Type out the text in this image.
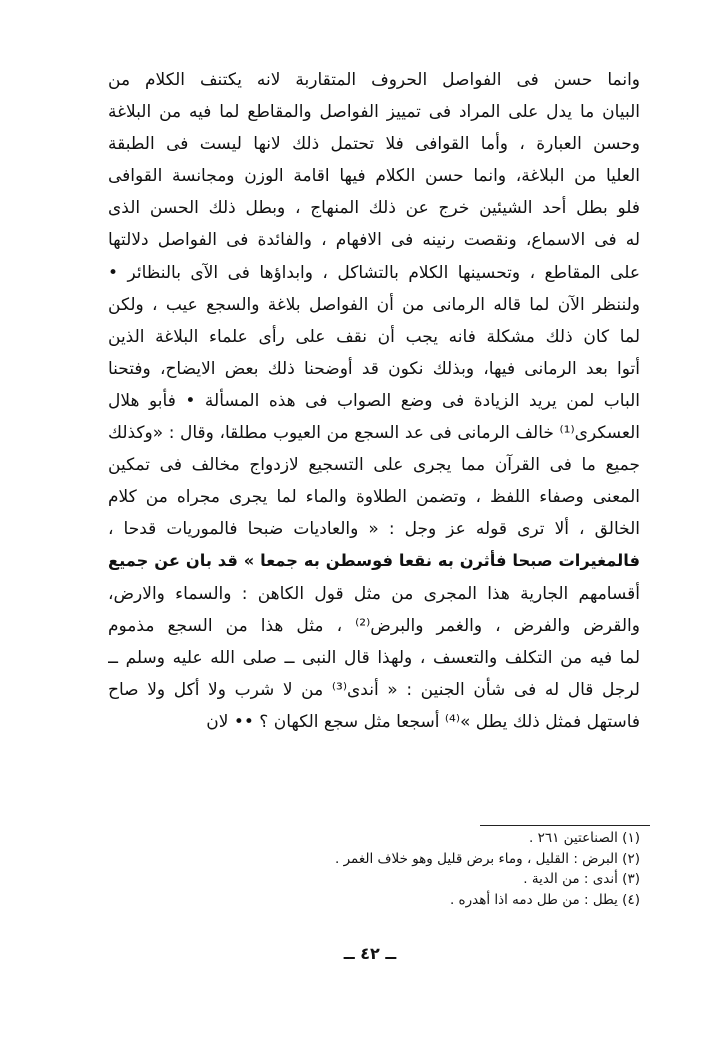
وانما حسن فى الفواصل الحروف المتقاربة لانه يكتنف الكلام من
البيان ما يدل على المراد فى تمييز الفواصل والمقاطع لما فيه من البلاغة
وحسن العبارة ، وأما القوافى فلا تحتمل ذلك لانها ليست فى الطبقة
العليا من البلاغة، وانما حسن الكلام فيها اقامة الوزن ومجانسة القوافى
فلو بطل أحد الشيئين خرج عن ذلك المنهاج ، وبطل ذلك الحسن الذى
له فى الاسماع، ونقصت رنينه فى الافهام ، والفائدة فى الفواصل دلالتها
على المقاطع ، وتحسينها الكلام بالتشاكل ، وابداؤها فى الآى بالنظائر •
ولننظر الآن لما قاله الرمانى من أن الفواصل بلاغة والسجع عيب ، ولكن
لما كان ذلك مشكلة فانه يجب أن نقف على رأى علماء البلاغة الذين
أتوا بعد الرمانى فيها، وبذلك نكون قد أوضحنا ذلك بعض الايضاح، وفتحنا
الباب لمن يريد الزيادة فى وضع الصواب فى هذه المسألة • فأبو هلال
العسكرى⁽¹⁾ خالف الرمانى فى عد السجع من العيوب مطلقا، وقال : «وكذلك
جميع ما فى القرآن مما يجرى على التسجيع لازدواج مخالف فى تمكين
المعنى وصفاء اللفظ ، وتضمن الطلاوة والماء لما يجرى مجراه من كلام
الخالق ، ألا ترى قوله عز وجل : « والعاديات ضبحا فالموريات قدحا ،
فالمغيرات صبحا فأثرن به نقعا فوسطن به جمعا » قد بان عن جميع
أقسامهم الجارية هذا المجرى من مثل قول الكاهن : والسماء والارض،
والقرض والفرض ، والغمر والبرض⁽²⁾ ، مثل هذا من السجع مذموم
لما فيه من التكلف والتعسف ، ولهذا قال النبى ــ صلى الله عليه وسلم ــ
لرجل قال له فى شأن الجنين : « أندى⁽³⁾ من لا شرب ولا أكل ولا صاح
فاستهل فمثل ذلك يطل »⁽⁴⁾ أسجعا مثل سجع الكهان ؟ •• لان
(١) الصناعتين ٢٦١ .
(٢) البرض : القليل ، وماء برض قليل وهو خلاف الغمر .
(٣) أندى : من الدية .
(٤) يطل : من طل دمه اذا أهدره .
ــ ٤٢ ــ
